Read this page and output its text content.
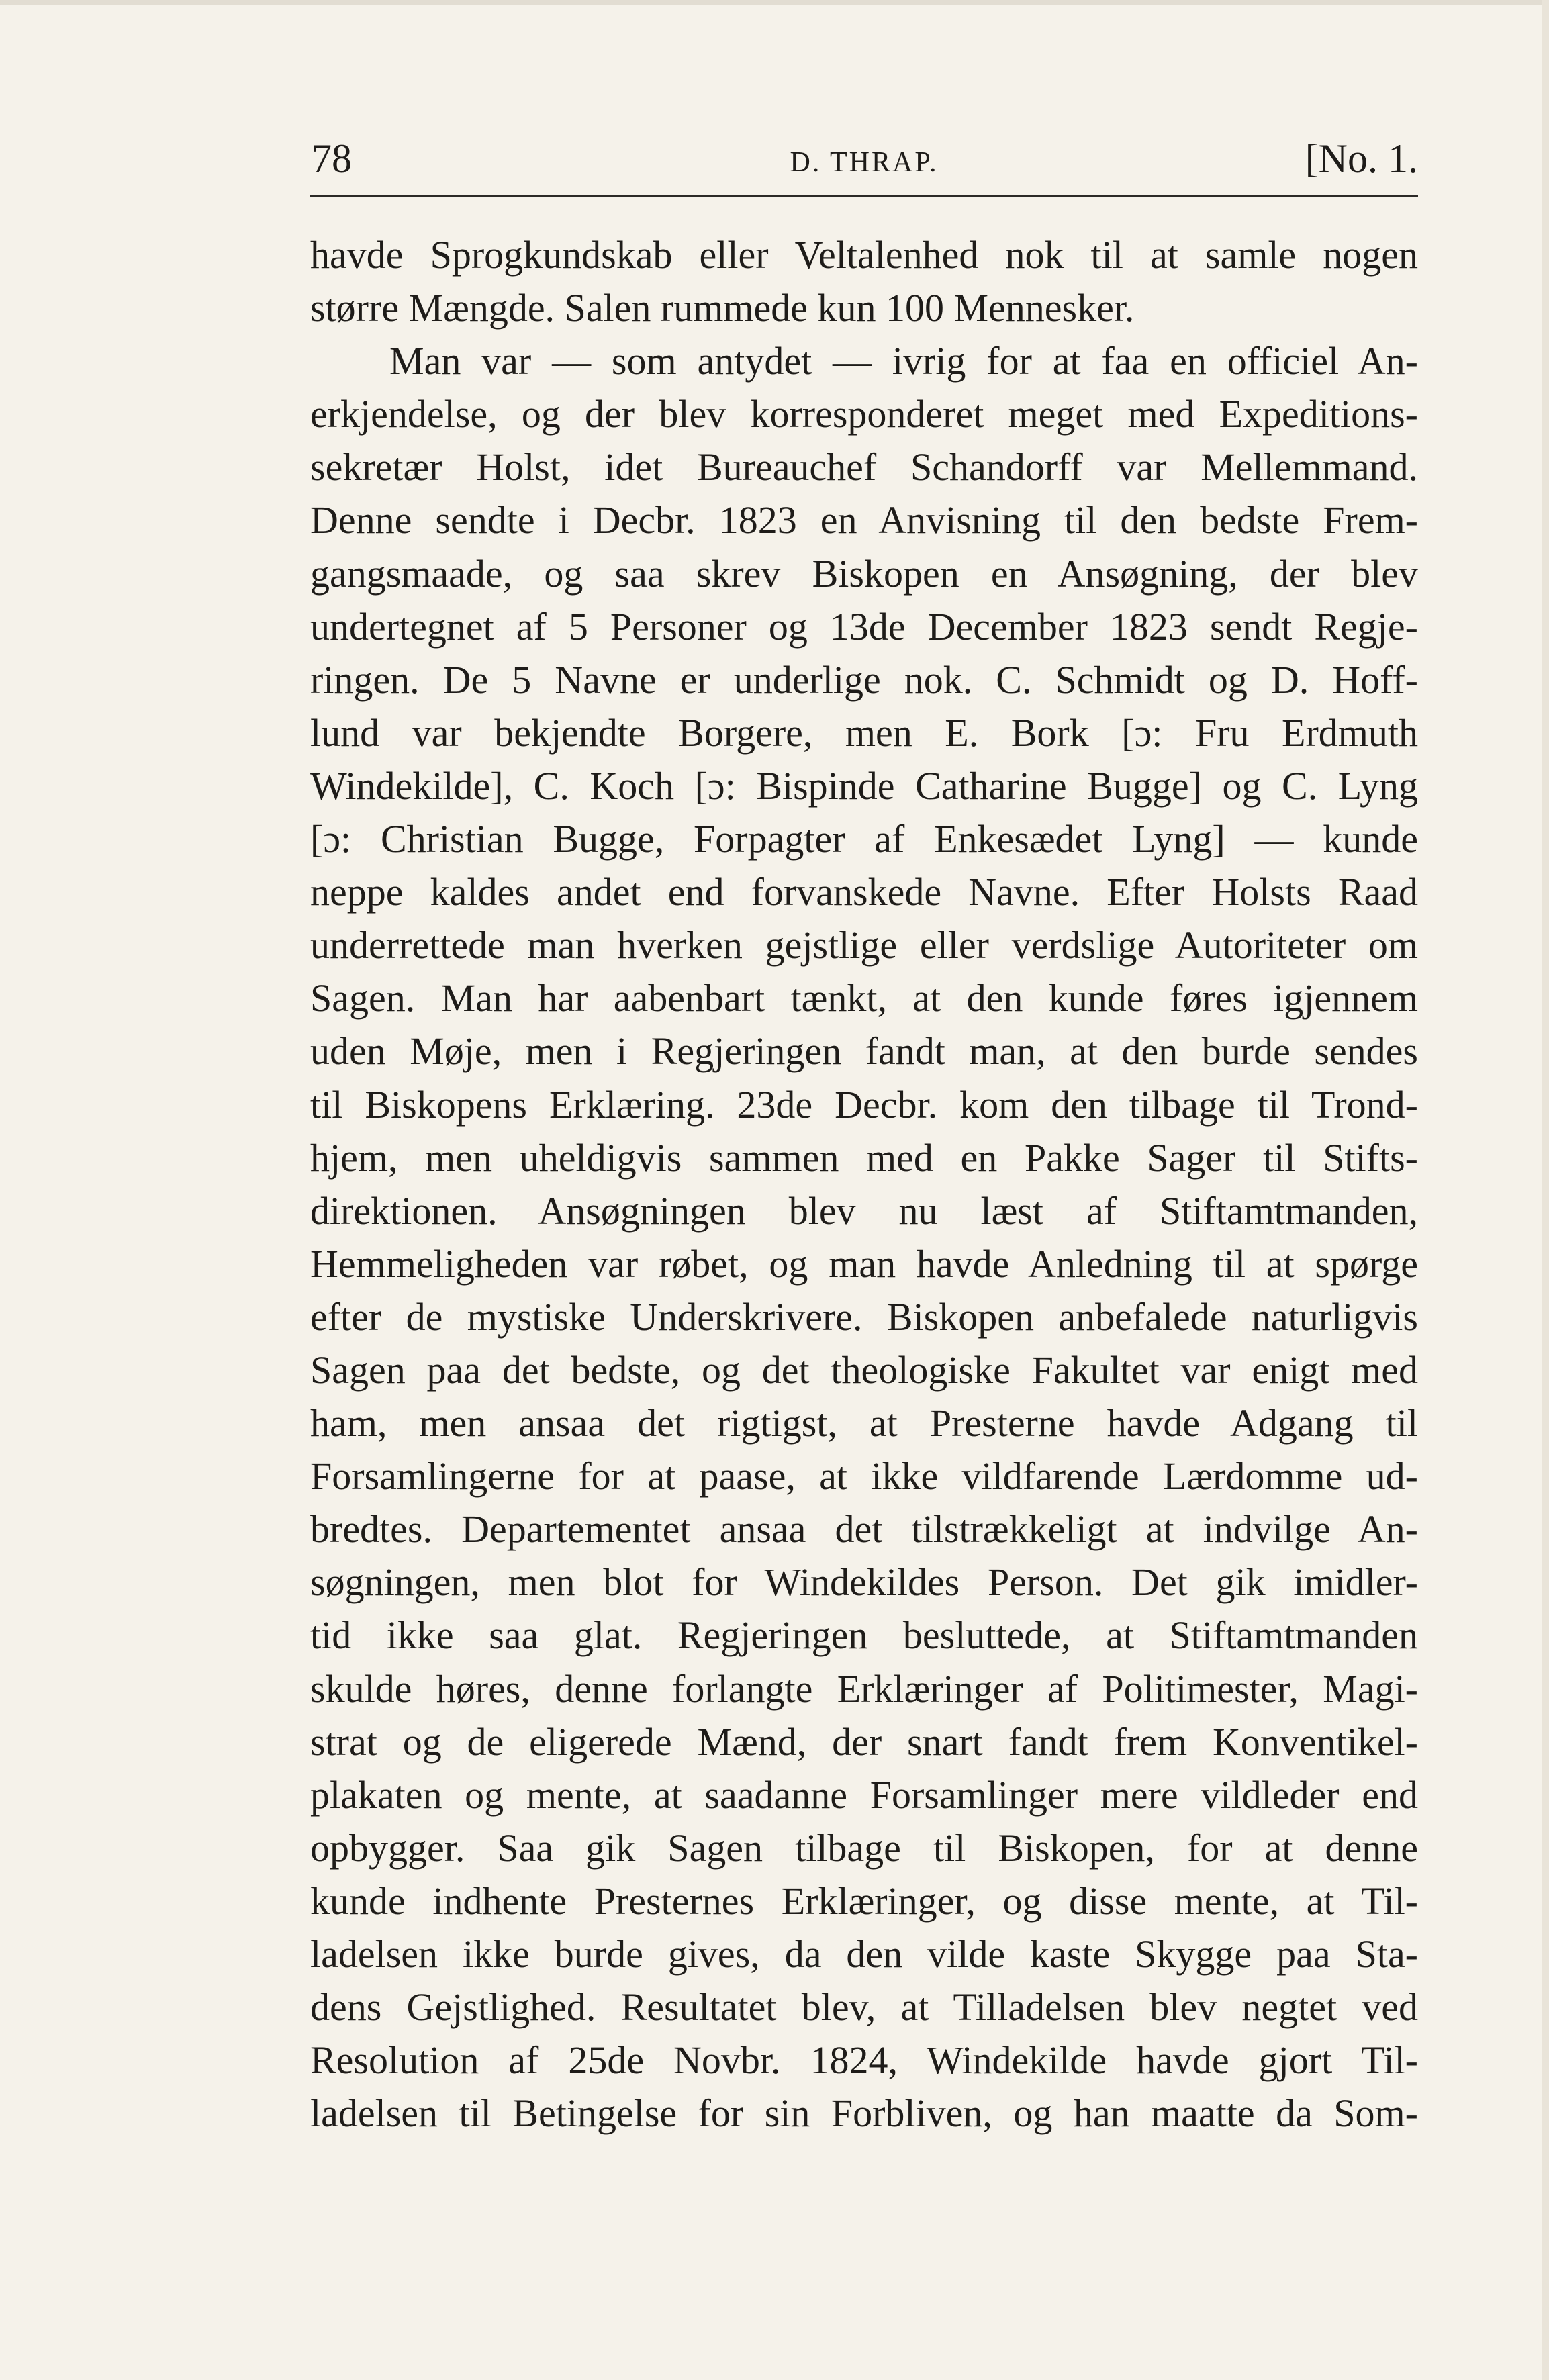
78	D. THRAP.	[No. 1.
havde Sprogkundskab eller Veltalenhed nok til at samle nogen
større Mængde. Salen rummede kun 100 Mennesker.
Man var — som antydet — ivrig for at faa en officiel An-
erkjendelse, og der blev korresponderet meget med Expeditions-
sekretær Holst, idet Bureauchef Schandorff var Mellemmand.
Denne sendte i Decbr. 1823 en Anvisning til den bedste Frem-
gangsmaade, og saa skrev Biskopen en Ansøgning, der blev
undertegnet af 5 Personer og 13de December 1823 sendt Regje-
ringen. De 5 Navne er underlige nok. C. Schmidt og D. Hoff-
lund var bekjendte Borgere, men E. Bork [ɔ: Fru Erdmuth
Windekilde], C. Koch [ɔ: Bispinde Catharine Bugge] og C. Lyng
[ɔ: Christian Bugge, Forpagter af Enkesædet Lyng] — kunde
neppe kaldes andet end forvanskede Navne. Efter Holsts Raad
underrettede man hverken gejstlige eller verdslige Autoriteter om
Sagen. Man har aabenbart tænkt, at den kunde føres igjennem
uden Møje, men i Regjeringen fandt man, at den burde sendes
til Biskopens Erklæring. 23de Decbr. kom den tilbage til Trond-
hjem, men uheldigvis sammen med en Pakke Sager til Stifts-
direktionen. Ansøgningen blev nu læst af Stiftamtmanden,
Hemmeligheden var røbet, og man havde Anledning til at spørge
efter de mystiske Underskrivere. Biskopen anbefalede naturligvis
Sagen paa det bedste, og det theologiske Fakultet var enigt med
ham, men ansaa det rigtigst, at Presterne havde Adgang til
Forsamlingerne for at paase, at ikke vildfarende Lærdomme ud-
bredtes. Departementet ansaa det tilstrækkeligt at indvilge An-
søgningen, men blot for Windekildes Person. Det gik imidler-
tid ikke saa glat. Regjeringen besluttede, at Stiftamtmanden
skulde høres, denne forlangte Erklæringer af Politimester, Magi-
strat og de eligerede Mænd, der snart fandt frem Konventikel-
plakaten og mente, at saadanne Forsamlinger mere vildleder end
opbygger. Saa gik Sagen tilbage til Biskopen, for at denne
kunde indhente Presternes Erklæringer, og disse mente, at Til-
ladelsen ikke burde gives, da den vilde kaste Skygge paa Sta-
dens Gejstlighed. Resultatet blev, at Tilladelsen blev negtet ved
Resolution af 25de Novbr. 1824, Windekilde havde gjort Til-
ladelsen til Betingelse for sin Forbliven, og han maatte da Som-
